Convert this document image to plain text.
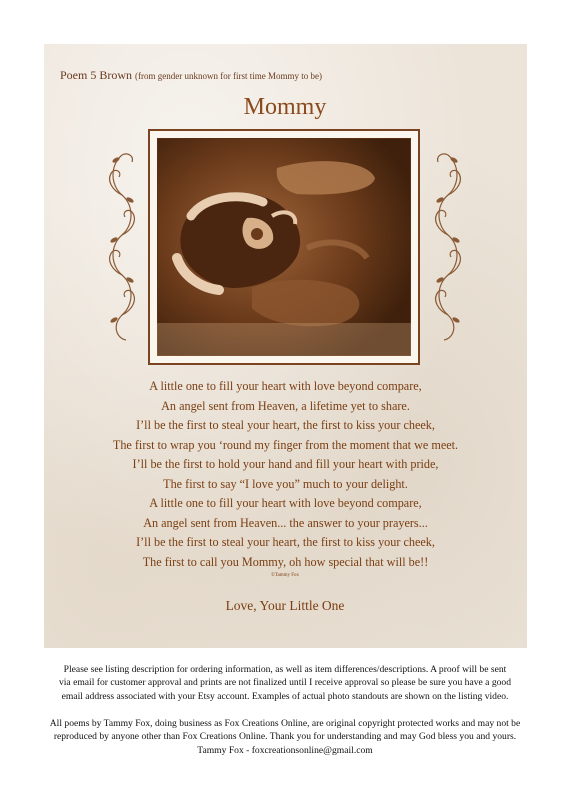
Poem 5 Brown (from gender unknown for first time Mommy to be)
Mommy
A little one to fill your heart with love beyond compare,
An angel sent from Heaven, a lifetime yet to share.
I’ll be the first to steal your heart, the first to kiss your cheek,
The first to wrap you ‘round my finger from the moment that we meet.
I’ll be the first to hold your hand and fill your heart with pride,
The first to say “I love you” much to your delight.
A little one to fill your heart with love beyond compare,
An angel sent from Heaven... the answer to your prayers...
I’ll be the first to steal your heart, the first to kiss your cheek,
The first to call you Mommy, oh how special that will be!!
©Tammy Fox
Love, Your Little One
Please see listing description for ordering information, as well as item differences/descriptions. A proof will be sent
via email for customer approval and prints are not finalized until I receive approval so please be sure you have a good
email address associated with your Etsy account. Examples of actual photo standouts are shown on the listing video.
All poems by Tammy Fox, doing business as Fox Creations Online, are original copyright protected works and may not be
reproduced by anyone other than Fox Creations Online. Thank you for understanding and may God bless you and yours.
Tammy Fox - foxcreationsonline@gmail.com
